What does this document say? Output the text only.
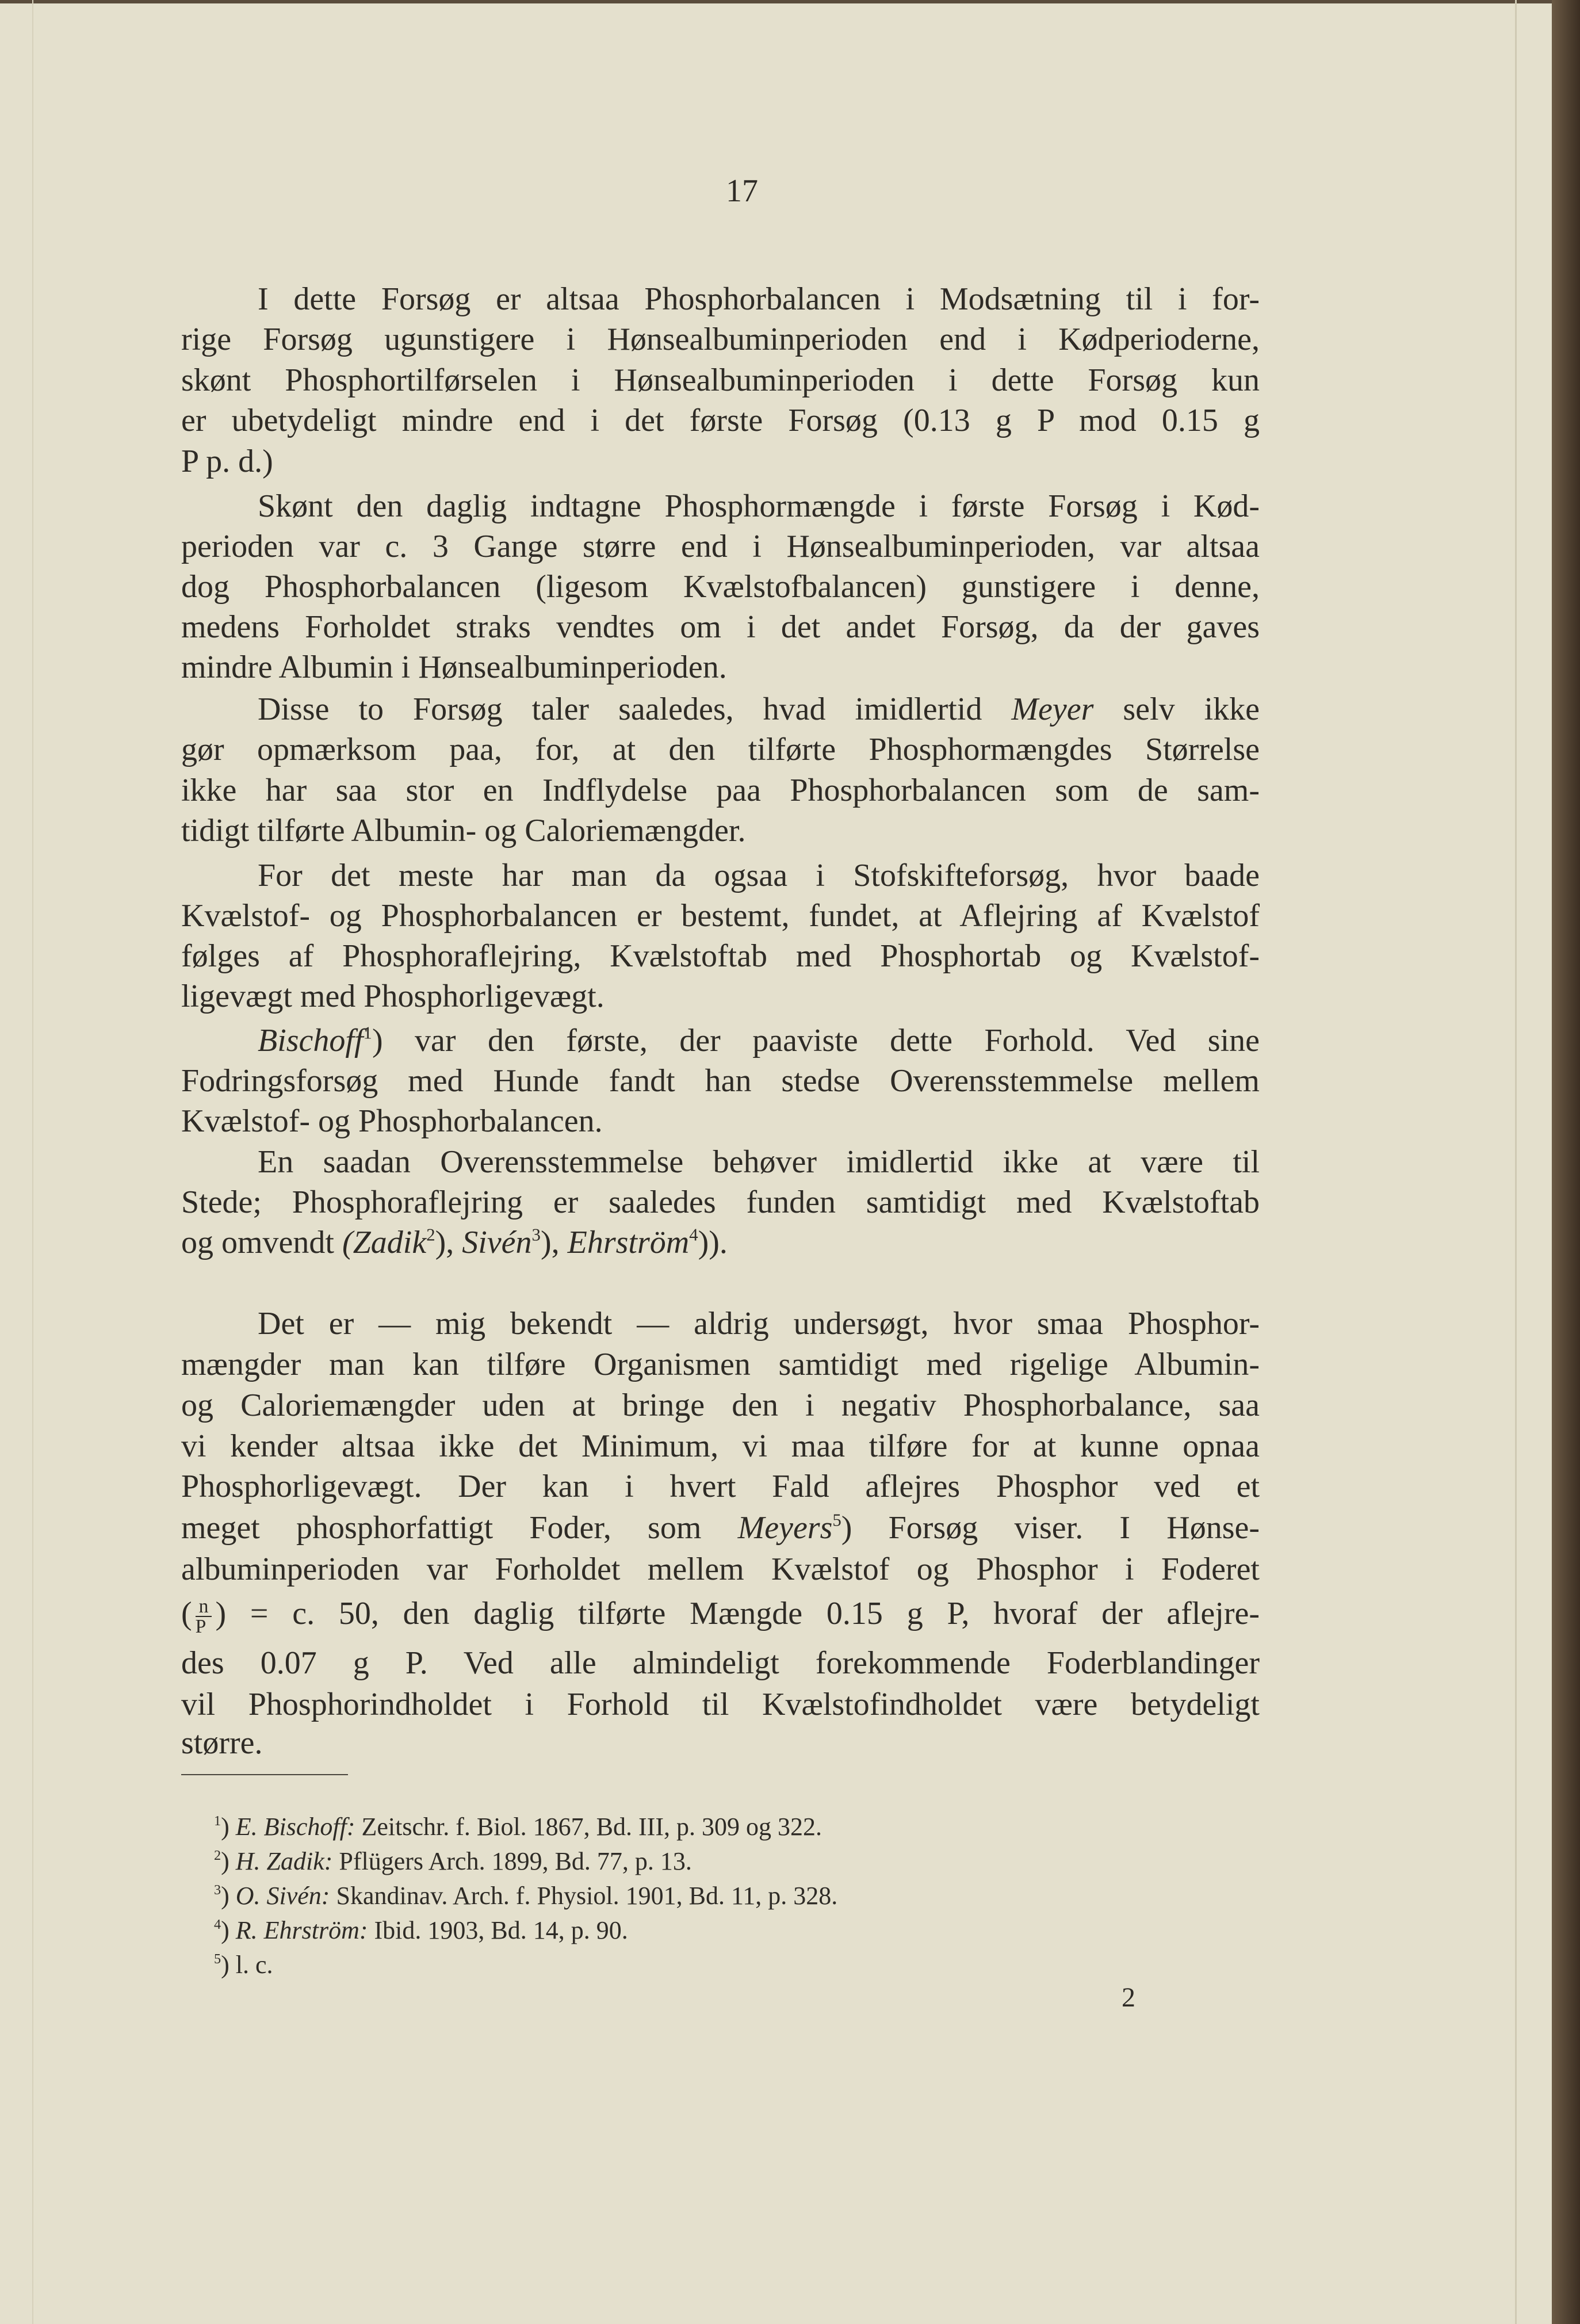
17
I dette Forsøg er altsaa Phosphorbalancen i Modsætning til i for-
rige Forsøg ugunstigere i Hønsealbuminperioden end i Kødperioderne,
skønt Phosphortilførselen i Hønsealbuminperioden i dette Forsøg kun
er ubetydeligt mindre end i det første Forsøg (0.13 g P mod 0.15 g
P p. d.)
Skønt den daglig indtagne Phosphormængde i første Forsøg i Kød-
perioden var c. 3 Gange større end i Hønsealbuminperioden, var altsaa
dog Phosphorbalancen (ligesom Kvælstofbalancen) gunstigere i denne,
medens Forholdet straks vendtes om i det andet Forsøg, da der gaves
mindre Albumin i Hønsealbuminperioden.
Disse to Forsøg taler saaledes, hvad imidlertid Meyer selv ikke
gør opmærksom paa, for, at den tilførte Phosphormængdes Størrelse
ikke har saa stor en Indflydelse paa Phosphorbalancen som de sam-
tidigt tilførte Albumin- og Caloriemængder.
For det meste har man da ogsaa i Stofskifteforsøg, hvor baade
Kvælstof- og Phosphorbalancen er bestemt, fundet, at Aflejring af Kvælstof
følges af Phosphoraflejring, Kvælstoftab med Phosphortab og Kvælstof-
ligevægt med Phosphorligevægt.
Bischoff$^1$) var den første, der paaviste dette Forhold. Ved sine
Fodringsforsøg med Hunde fandt han stedse Overensstemmelse mellem
Kvælstof- og Phosphorbalancen.
En saadan Overensstemmelse behøver imidlertid ikke at være til
Stede; Phosphoraflejring er saaledes funden samtidigt med Kvælstoftab
og omvendt (Zadik$^2$), Sivén$^3$), Ehrström$^4$)).
Det er — mig bekendt — aldrig undersøgt, hvor smaa Phosphor-
mængder man kan tilføre Organismen samtidigt med rigelige Albumin-
og Caloriemængder uden at bringe den i negativ Phosphorbalance, saa
vi kender altsaa ikke det Minimum, vi maa tilføre for at kunne opnaa
Phosphorligevægt. Der kan i hvert Fald aflejres Phosphor ved et
meget phosphorfattigt Foder, som Meyers$^5$) Forsøg viser. I Hønse-
albuminperioden var Forholdet mellem Kvælstof og Phosphor i Foderet
( $\frac{n}{P}$ ) = c. 50, den daglig tilførte Mængde 0.15 g P, hvoraf der aflejre-
des 0.07 g P. Ved alle almindeligt forekommende Foderblandinger
vil Phosphorindholdet i Forhold til Kvælstofindholdet være betydeligt
større.
$^1$) E. Bischoff: Zeitschr. f. Biol. 1867, Bd. III, p. 309 og 322.
$^2$) H. Zadik: Pflügers Arch. 1899, Bd. 77, p. 13.
$^3$) O. Sivén: Skandinav. Arch. f. Physiol. 1901, Bd. 11, p. 328.
$^4$) R. Ehrström: Ibid. 1903, Bd. 14, p. 90.
$^5$) l. c.
2
